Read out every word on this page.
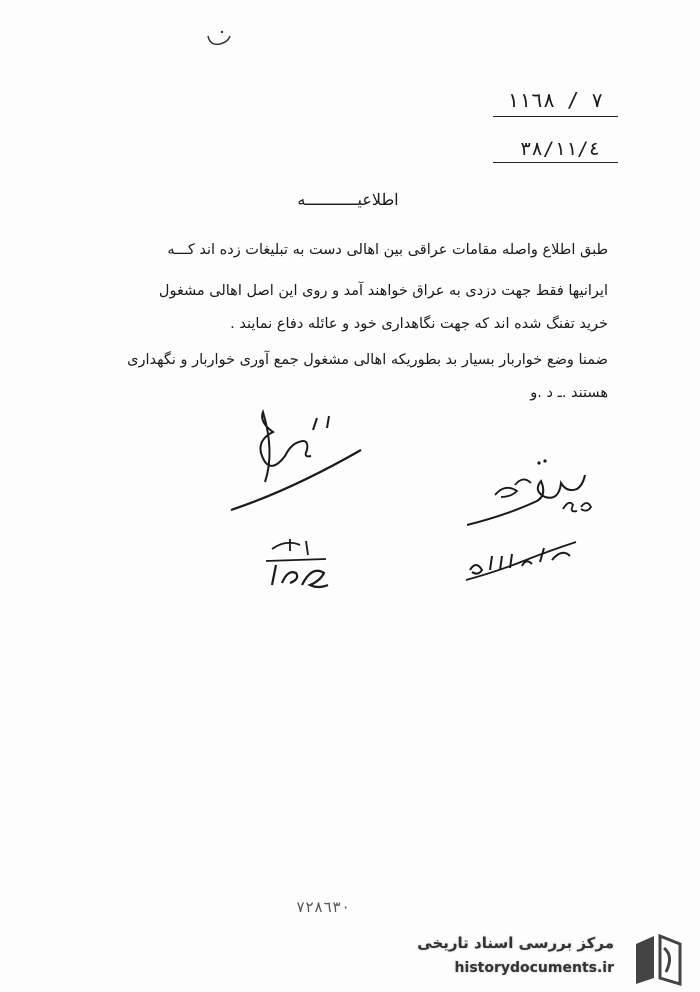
٧ / ١١٦٨
٣٨/١١/٤
اطلاعیـــــــــــه
طبق اطلاع واصله مقامات عراقی بین اهالی دست به تبلیغات زده اند کـــه
ایرانیها فقط جهت دزدی به عراق خواهند آمد و روی این اصل اهالی مشغول
خرید تفنگ شده اند که جهت نگاهداری خود و عائله دفاع نمایند .
ضمنا وضع خواربار بسیار بد بطوریکه اهالی مشغول جمع آوری خواربار و نگهداری
هستند .ـ د .و
٧٢٨٦٣٠
مرکز بررسی اسناد تاریخی
historydocuments.ir
